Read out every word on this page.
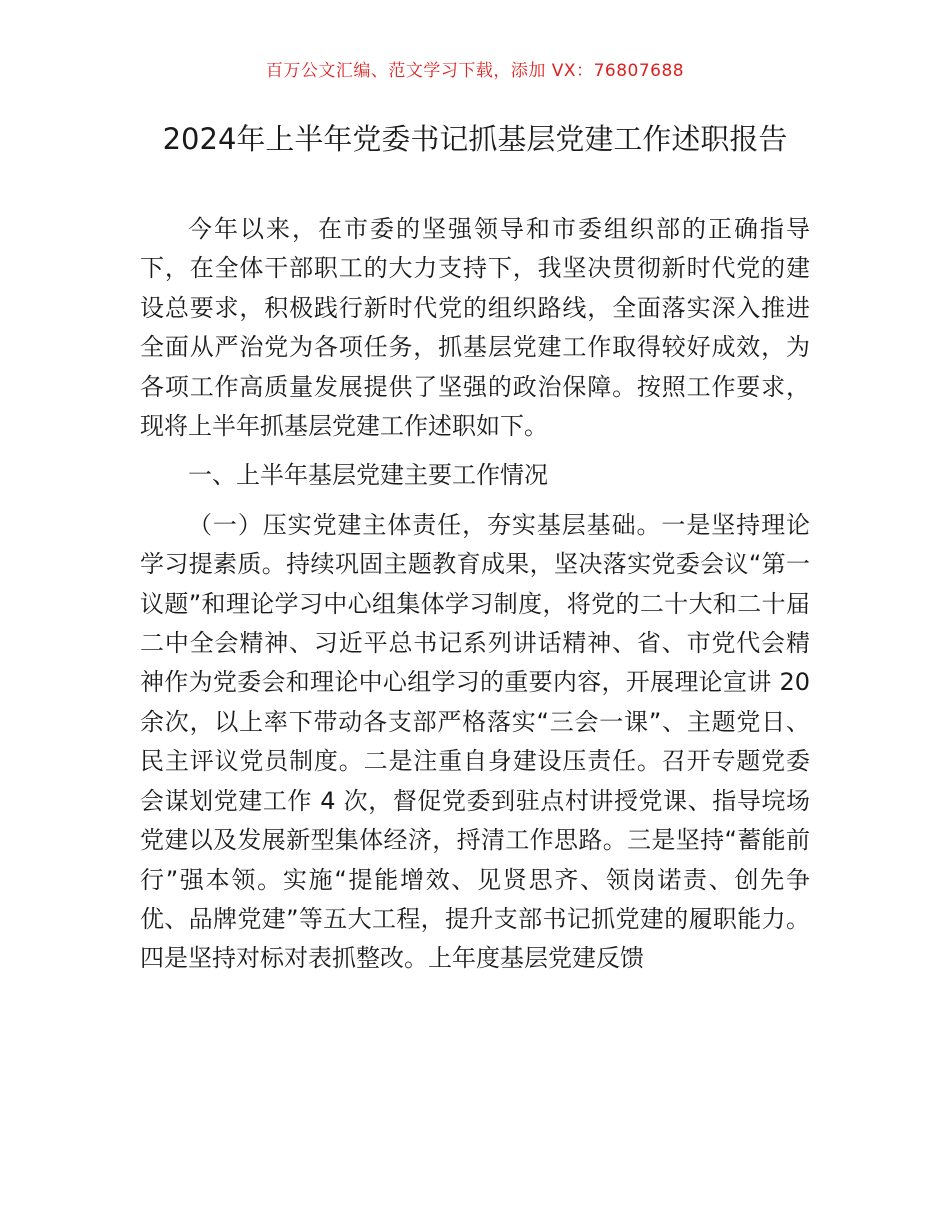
百万公文汇编、范文学习下载，添加 VX：76807688
2024年上半年党委书记抓基层党建工作述职报告

今年以来，在市委的坚强领导和市委组织部的正确指导下，在全体干部职工的大力支持下，我坚决贯彻新时代党的建设总要求，积极践行新时代党的组织路线，全面落实深入推进全面从严治党为各项任务，抓基层党建工作取得较好成效，为各项工作高质量发展提供了坚强的政治保障。按照工作要求，现将上半年抓基层党建工作述职如下。

一、上半年基层党建主要工作情况

（一）压实党建主体责任，夯实基层基础。一是坚持理论学习提素质。持续巩固主题教育成果，坚决落实党委会议“第一议题”和理论学习中心组集体学习制度，将党的二十大和二十届二中全会精神、习近平总书记系列讲话精神、省、市党代会精神作为党委会和理论中心组学习的重要内容，开展理论宣讲 20 余次，以上率下带动各支部严格落实“三会一课”、主题党日、民主评议党员制度。二是注重自身建设压责任。召开专题党委会谋划党建工作 4 次，督促党委到驻点村讲授党课、指导垸场党建以及发展新型集体经济，捋清工作思路。三是坚持“蓄能前行”强本领。实施“提能增效、见贤思齐、领岗诺责、创先争优、品牌党建”等五大工程，提升支部书记抓党建的履职能力。四是坚持对标对表抓整改。上年度基层党建反馈
